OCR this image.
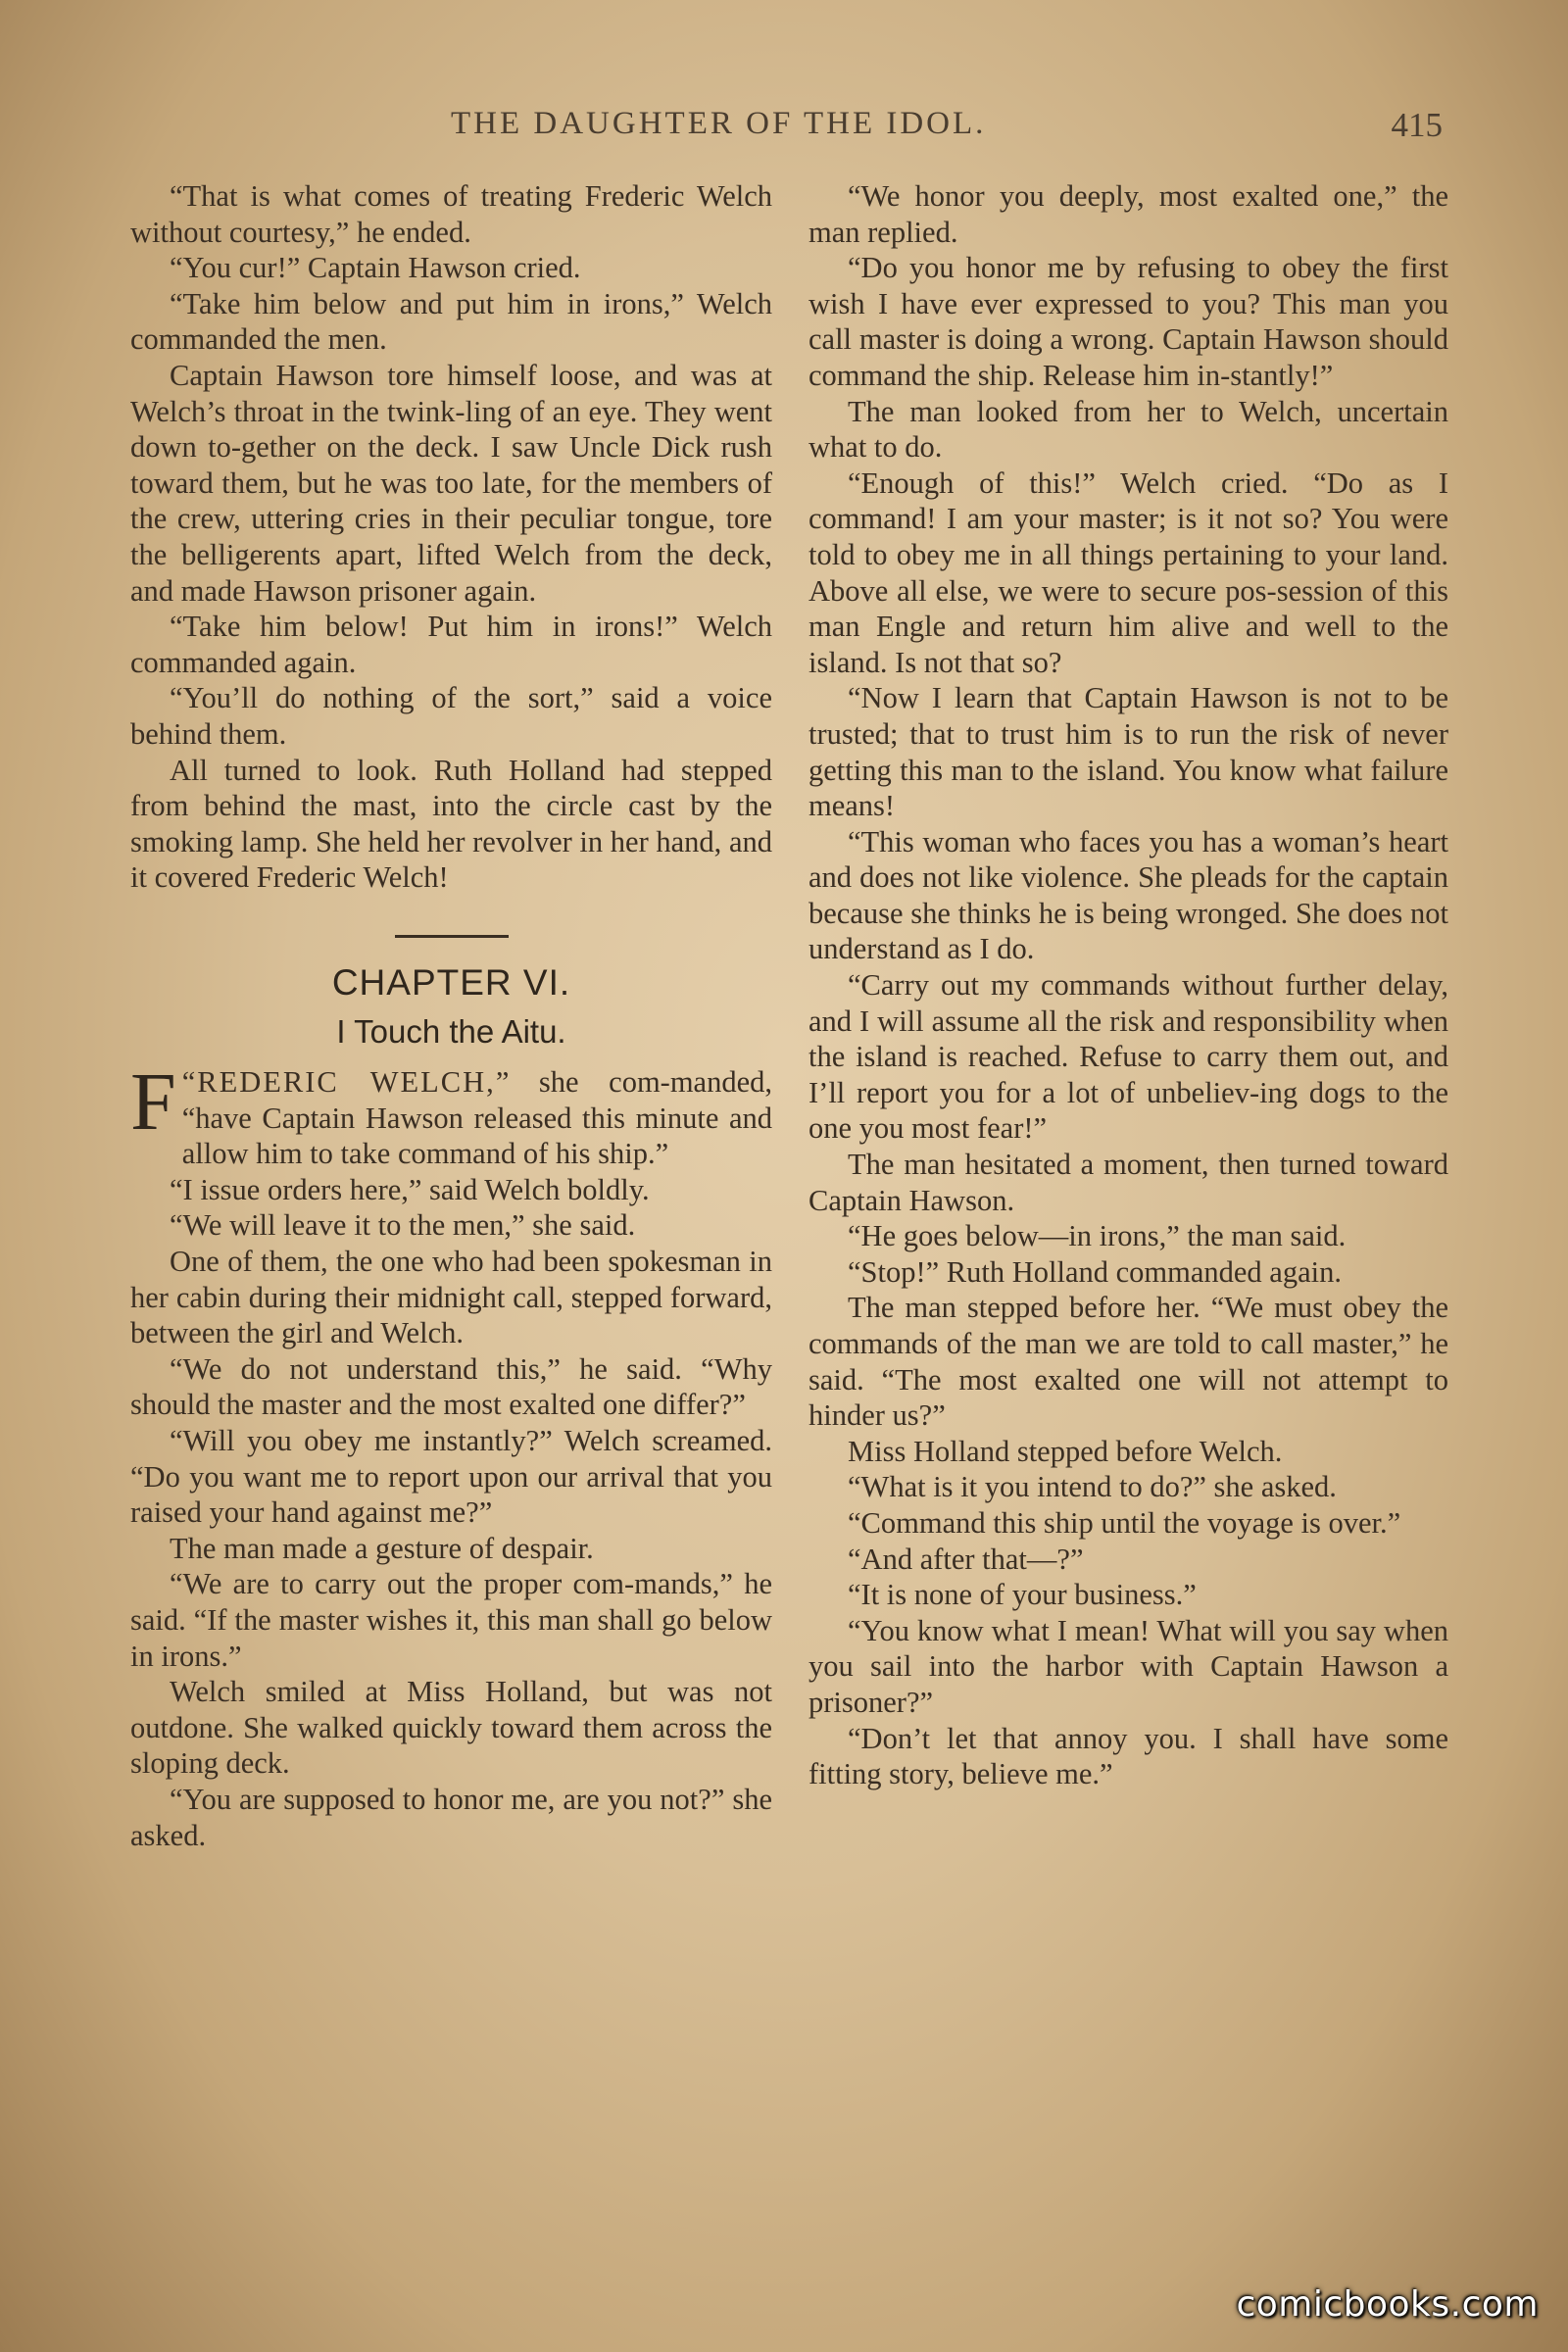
THE DAUGHTER OF THE IDOL.	415

“That is what comes of treating Frederic Welch without courtesy,” he ended.

“You cur!” Captain Hawson cried.

“Take him below and put him in irons,” Welch commanded the men.

Captain Hawson tore himself loose, and was at Welch’s throat in the twink-ling of an eye. They went down to-gether on the deck. I saw Uncle Dick rush toward them, but he was too late, for the members of the crew, uttering cries in their peculiar tongue, tore the belligerents apart, lifted Welch from the deck, and made Hawson prisoner again.

“Take him below! Put him in irons!” Welch commanded again.

“You’ll do nothing of the sort,” said a voice behind them.

All turned to look. Ruth Holland had stepped from behind the mast, into the circle cast by the smoking lamp. She held her revolver in her hand, and it covered Frederic Welch!

CHAPTER VI.
I Touch the Aitu.

“
F REDERIC WELCH,” she com-manded, “have Captain Hawson released this minute and allow him to take command of his ship.”

“I issue orders here,” said Welch boldly.

“We will leave it to the men,” she said.

One of them, the one who had been spokesman in her cabin during their midnight call, stepped forward, between the girl and Welch.

“We do not understand this,” he said. “Why should the master and the most exalted one differ?”

“Will you obey me instantly?” Welch screamed. “Do you want me to report upon our arrival that you raised your hand against me?”

The man made a gesture of despair.

“We are to carry out the proper com-mands,” he said. “If the master wishes it, this man shall go below in irons.”

Welch smiled at Miss Holland, but was not outdone. She walked quickly toward them across the sloping deck.

“You are supposed to honor me, are you not?” she asked.

“We honor you deeply, most exalted one,” the man replied.

“Do you honor me by refusing to obey the first wish I have ever expressed to you? This man you call master is doing a wrong. Captain Hawson should command the ship. Release him in-stantly!”

The man looked from her to Welch, uncertain what to do.

“Enough of this!” Welch cried. “Do as I command! I am your master; is it not so? You were told to obey me in all things pertaining to your land. Above all else, we were to secure pos-session of this man Engle and return him alive and well to the island. Is not that so?

“Now I learn that Captain Hawson is not to be trusted; that to trust him is to run the risk of never getting this man to the island. You know what failure means!

“This woman who faces you has a woman’s heart and does not like violence. She pleads for the captain because she thinks he is being wronged. She does not understand as I do.

“Carry out my commands without further delay, and I will assume all the risk and responsibility when the island is reached. Refuse to carry them out, and I’ll report you for a lot of unbeliev-ing dogs to the one you most fear!”

The man hesitated a moment, then turned toward Captain Hawson.

“He goes below—in irons,” the man said.

“Stop!” Ruth Holland commanded again.

The man stepped before her. “We must obey the commands of the man we are told to call master,” he said. “The most exalted one will not attempt to hinder us?”

Miss Holland stepped before Welch.

“What is it you intend to do?” she asked.

“Command this ship until the voyage is over.”

“And after that—?”

“It is none of your business.”

“You know what I mean! What will you say when you sail into the harbor with Captain Hawson a prisoner?”

“Don’t let that annoy you. I shall have some fitting story, believe me.”

comicbooks.com
